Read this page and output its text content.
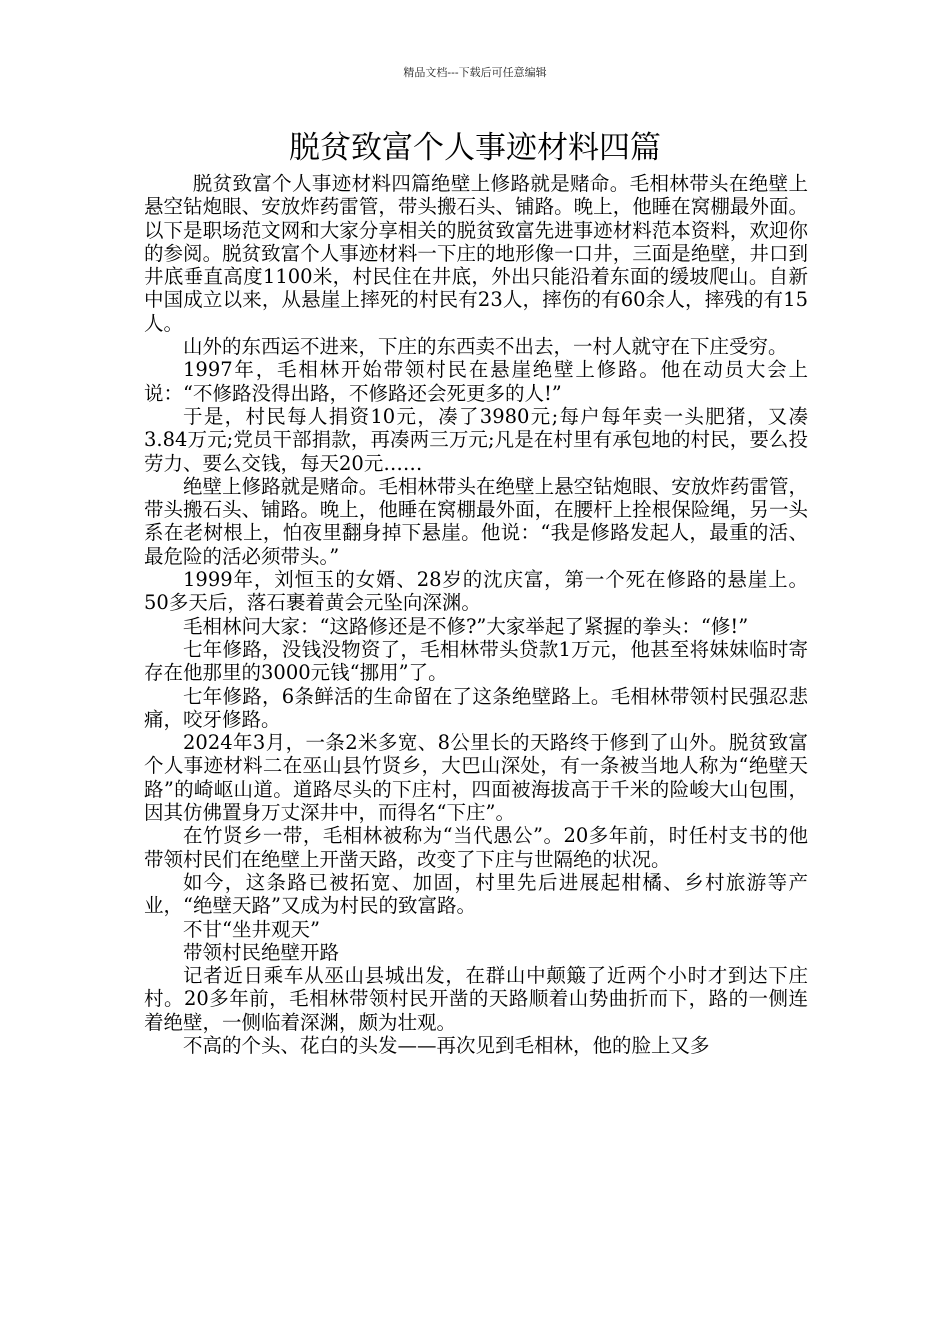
精品文档---下载后可任意编辑
脱贫致富个人事迹材料四篇

脱贫致富个人事迹材料四篇绝壁上修路就是赌命。毛相林带头在绝壁上悬空钻炮眼、安放炸药雷管，带头搬石头、铺路。晚上，他睡在窝棚最外面。以下是职场范文网和大家分享相关的脱贫致富先进事迹材料范本资料，欢迎你的参阅。脱贫致富个人事迹材料一下庄的地形像一口井，三面是绝壁，井口到井底垂直高度1100米，村民住在井底，外出只能沿着东面的缓坡爬山。自新中国成立以来，从悬崖上摔死的村民有23人，摔伤的有60余人，摔残的有15人。

山外的东西运不进来，下庄的东西卖不出去，一村人就守在下庄受穷。

1997年，毛相林开始带领村民在悬崖绝壁上修路。他在动员大会上说：“不修路没得出路，不修路还会死更多的人!”

于是，村民每人捐资10元，凑了3980元;每户每年卖一头肥猪，又凑3.84万元;党员干部捐款，再凑两三万元;凡是在村里有承包地的村民，要么投劳力、要么交钱，每天20元……

绝壁上修路就是赌命。毛相林带头在绝壁上悬空钻炮眼、安放炸药雷管，带头搬石头、铺路。晚上，他睡在窝棚最外面，在腰杆上拴根保险绳，另一头系在老树根上，怕夜里翻身掉下悬崖。他说：“我是修路发起人，最重的活、最危险的活必须带头。”

1999年，刘恒玉的女婿、28岁的沈庆富，第一个死在修路的悬崖上。50多天后，落石裹着黄会元坠向深渊。

毛相林问大家：“这路修还是不修?”大家举起了紧握的拳头：“修!”

七年修路，没钱没物资了，毛相林带头贷款1万元，他甚至将妹妹临时寄存在他那里的3000元钱“挪用”了。

七年修路，6条鲜活的生命留在了这条绝壁路上。毛相林带领村民强忍悲痛，咬牙修路。

2024年3月，一条2米多宽、8公里长的天路终于修到了山外。脱贫致富个人事迹材料二在巫山县竹贤乡，大巴山深处，有一条被当地人称为“绝壁天路”的崎岖山道。道路尽头的下庄村，四面被海拔高于千米的险峻大山包围，因其仿佛置身万丈深井中，而得名“下庄”。

在竹贤乡一带，毛相林被称为“当代愚公”。20多年前，时任村支书的他带领村民们在绝壁上开凿天路，改变了下庄与世隔绝的状况。

如今，这条路已被拓宽、加固，村里先后进展起柑橘、乡村旅游等产业，“绝壁天路”又成为村民的致富路。

不甘“坐井观天”

带领村民绝壁开路

记者近日乘车从巫山县城出发，在群山中颠簸了近两个小时才到达下庄村。20多年前，毛相林带领村民开凿的天路顺着山势曲折而下，路的一侧连着绝壁，一侧临着深渊，颇为壮观。

不高的个头、花白的头发——再次见到毛相林，他的脸上又多
